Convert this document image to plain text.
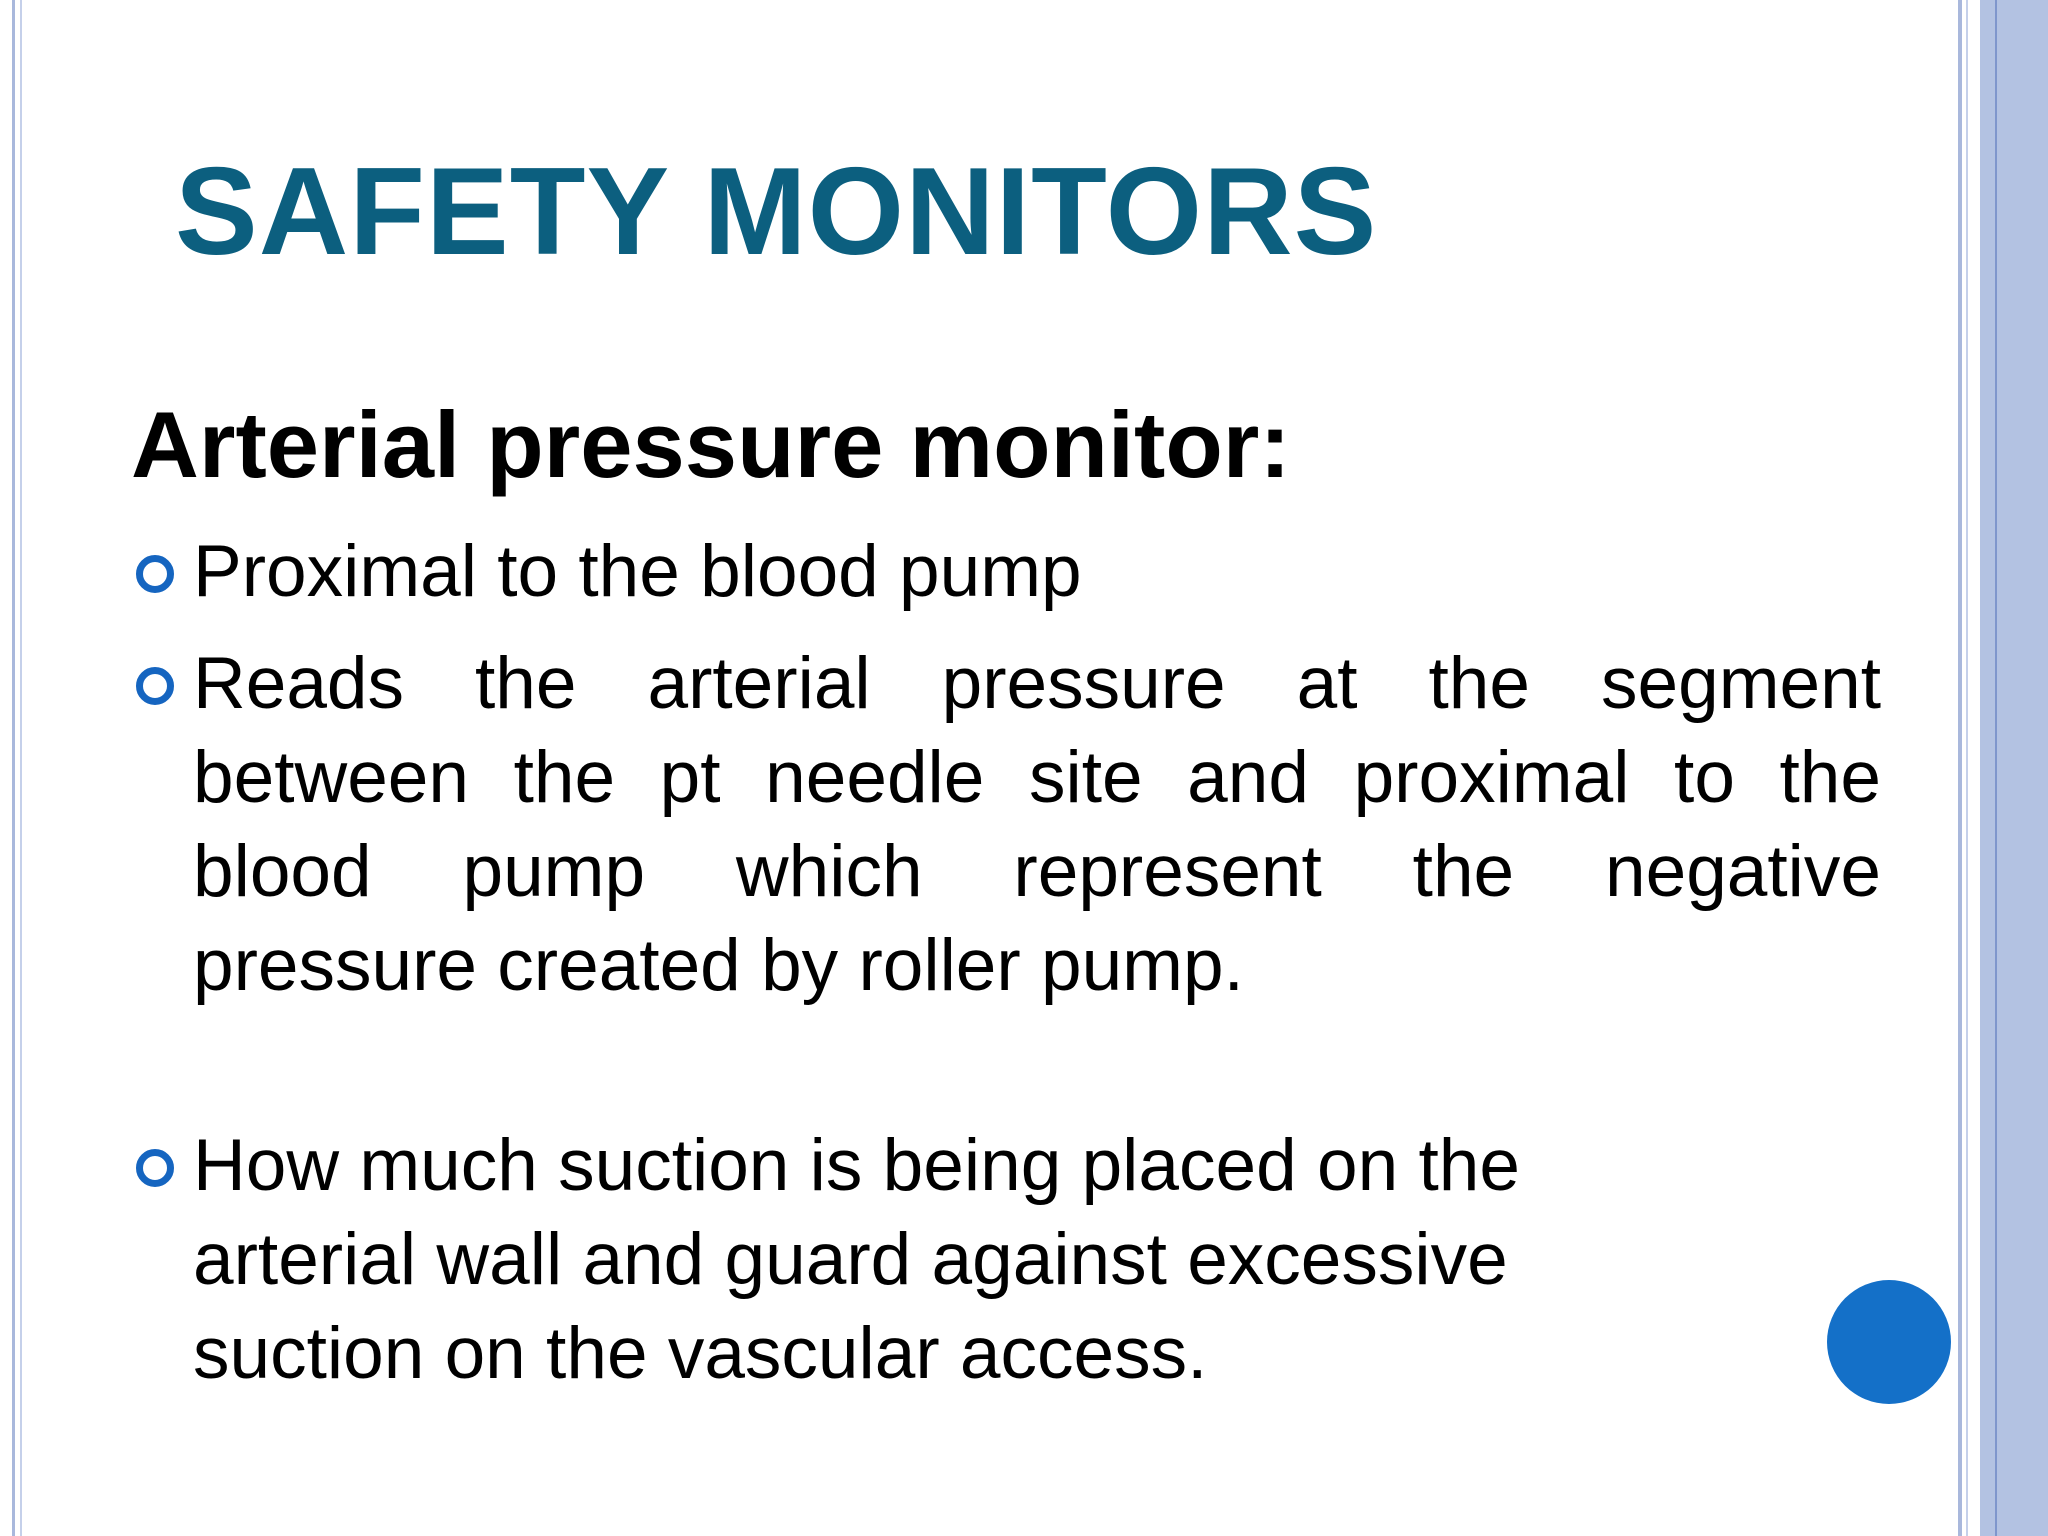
SAFETY MONITORS
Arterial pressure monitor:
Proximal to the blood pump
Reads the arterial pressure at the segment
between the pt needle site and proximal to the
blood pump which represent the negative
pressure created by roller pump.
How much suction is being placed on the
arterial wall and guard against excessive
suction on the vascular access.
